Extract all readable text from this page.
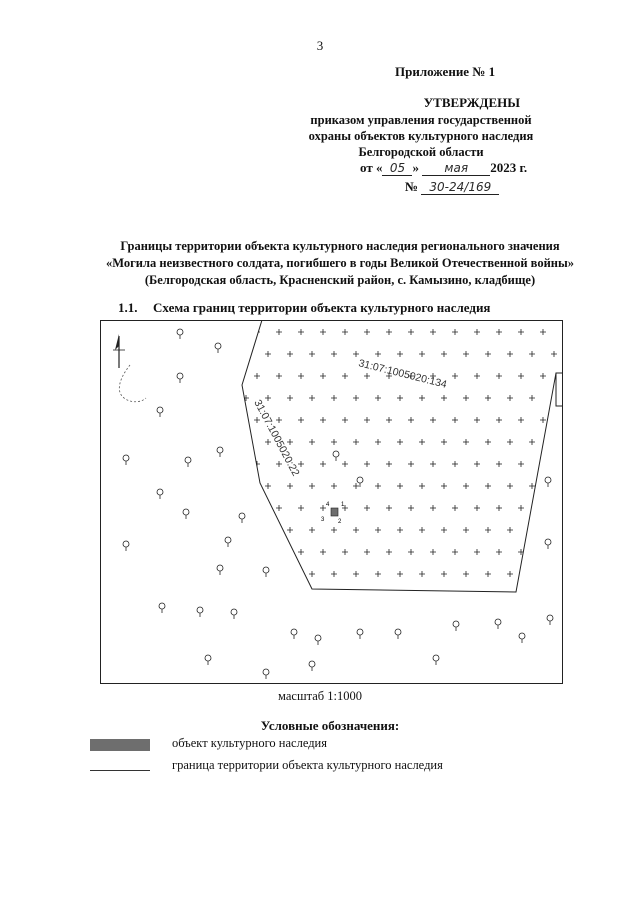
3
Приложение № 1
УТВЕРЖДЕНЫ
приказом управления государственной
охраны объектов культурного наследия
Белгородской области
от « 05 » мая 2023 г.
№ 30-24/169
Границы территории объекта культурного наследия регионального значения
«Могила неизвестного солдата, погибшего в годы Великой Отечественной войны»
(Белгородская область, Красненский район, с. Камызино, кладбище)
1.1. Схема границ территории объекта культурного наследия
31:07:1005020:134
31:07:1005020:22
1
2
3
4
масштаб 1:1000
Условные обозначения:
объект культурного наследия
граница территории объекта культурного наследия
